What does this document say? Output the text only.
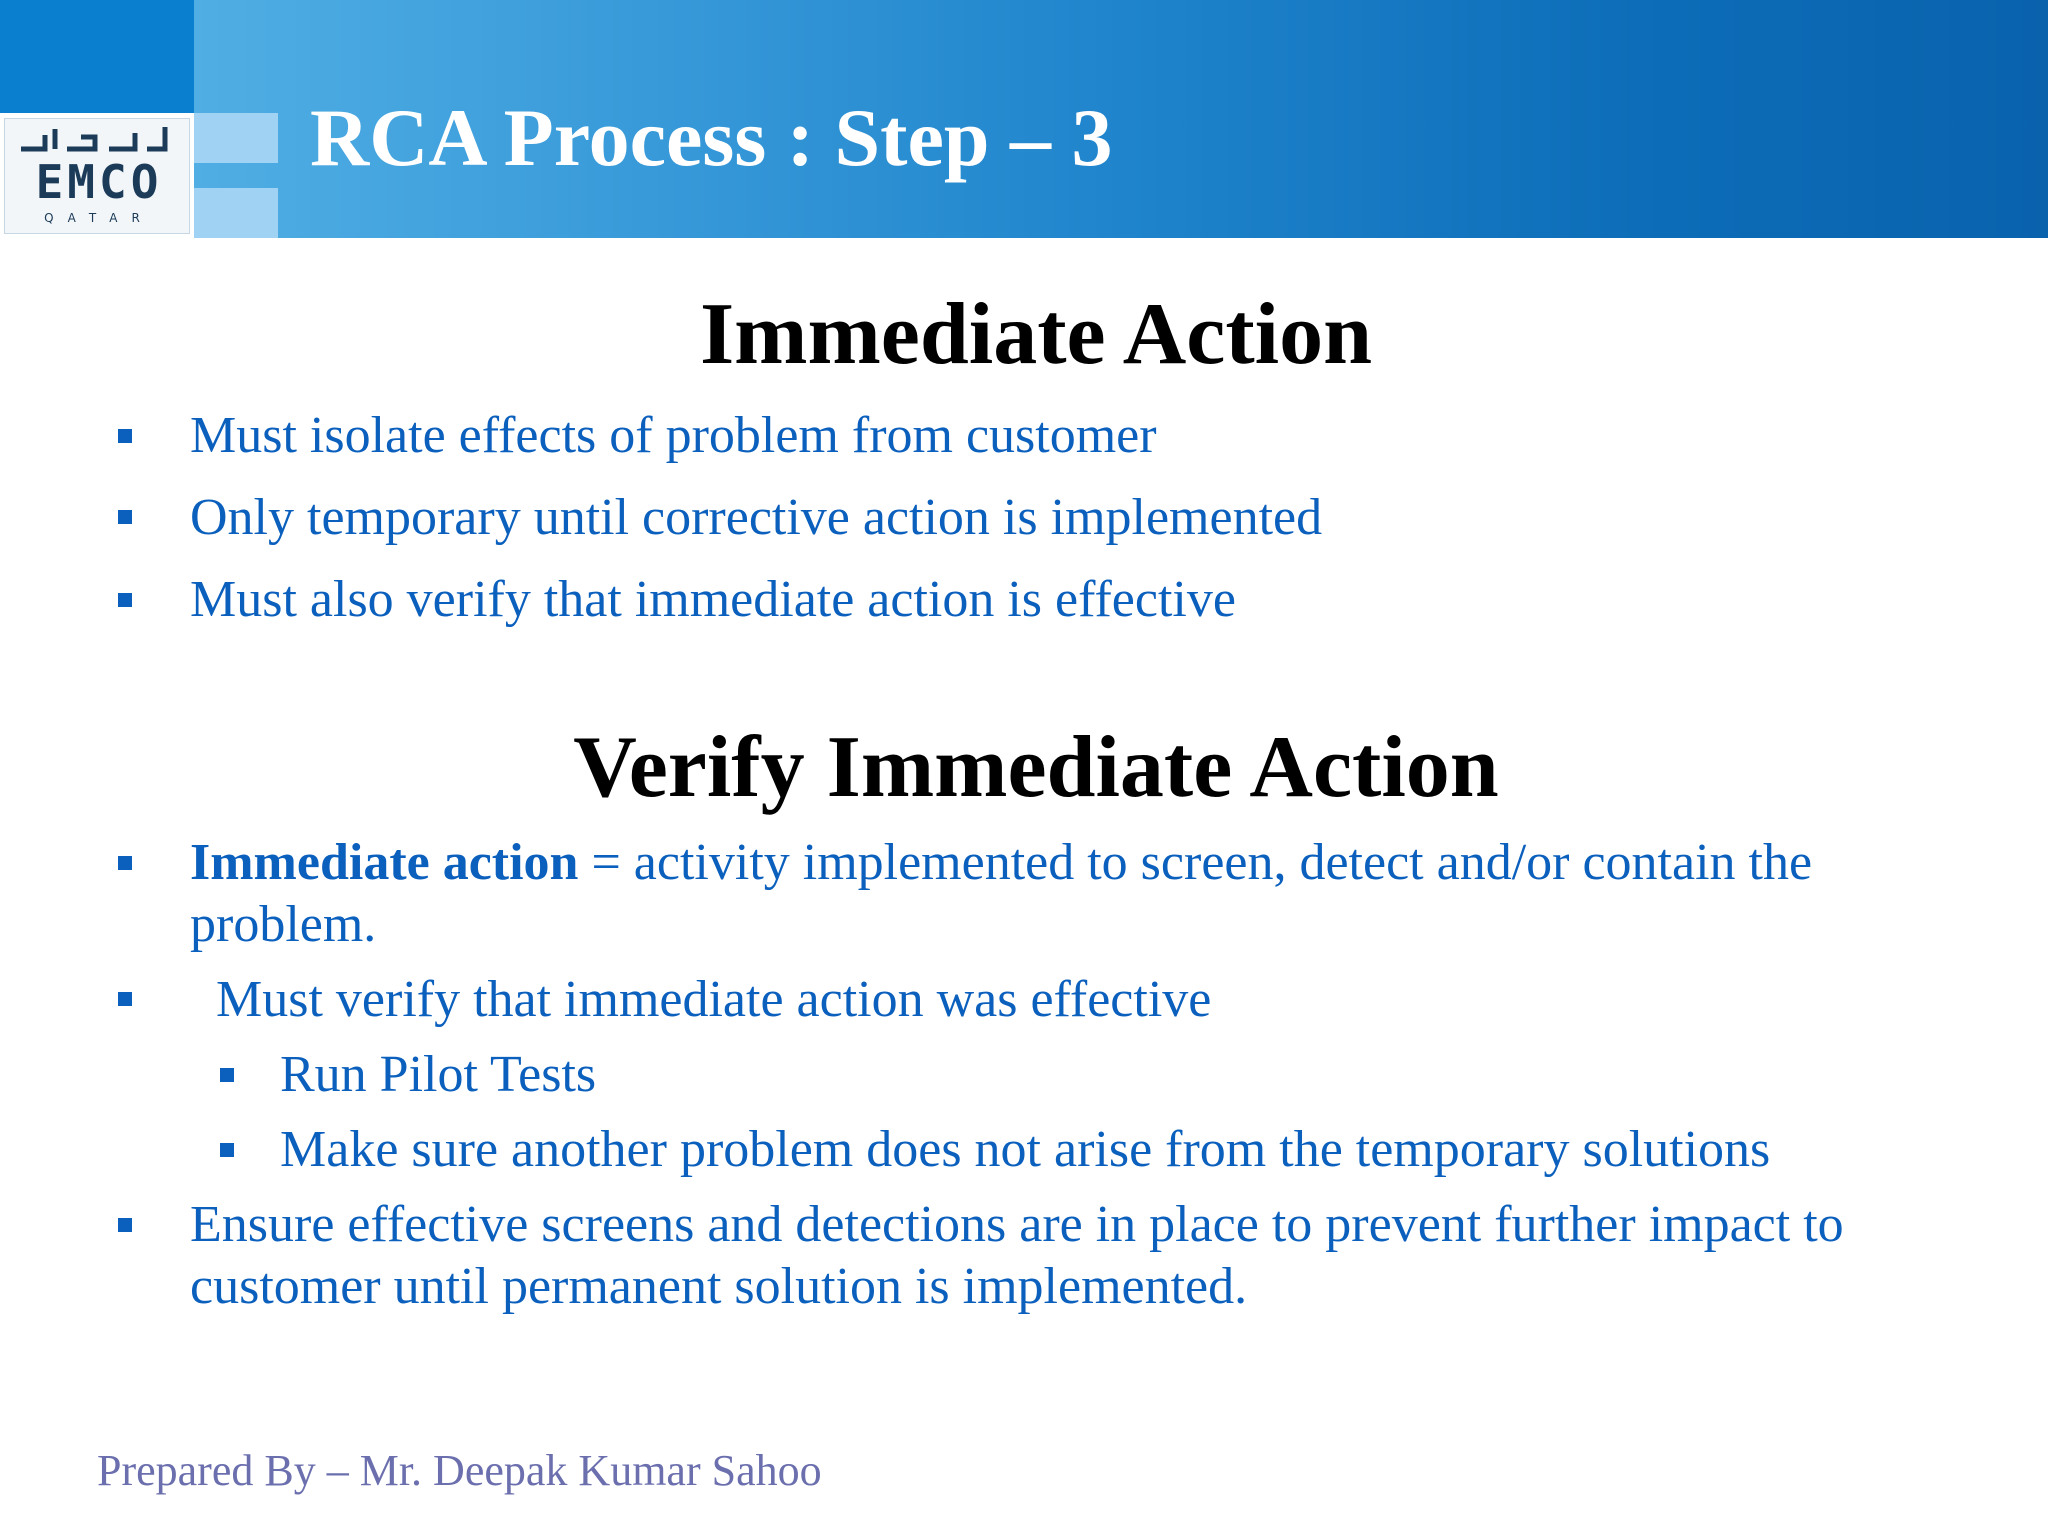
EMCO
QATAR
RCA Process : Step – 3
Immediate Action
Must isolate effects of problem from customer
Only temporary until corrective action is implemented
Must also verify that immediate action is effective
Verify Immediate Action
Immediate action = activity implemented to screen, detect and/or contain the problem.
Must verify that immediate action was effective
Run Pilot Tests
Make sure another problem does not arise from the temporary solutions
Ensure effective screens and detections are in place to prevent further impact to customer until permanent solution is implemented.
Prepared By – Mr. Deepak Kumar Sahoo
